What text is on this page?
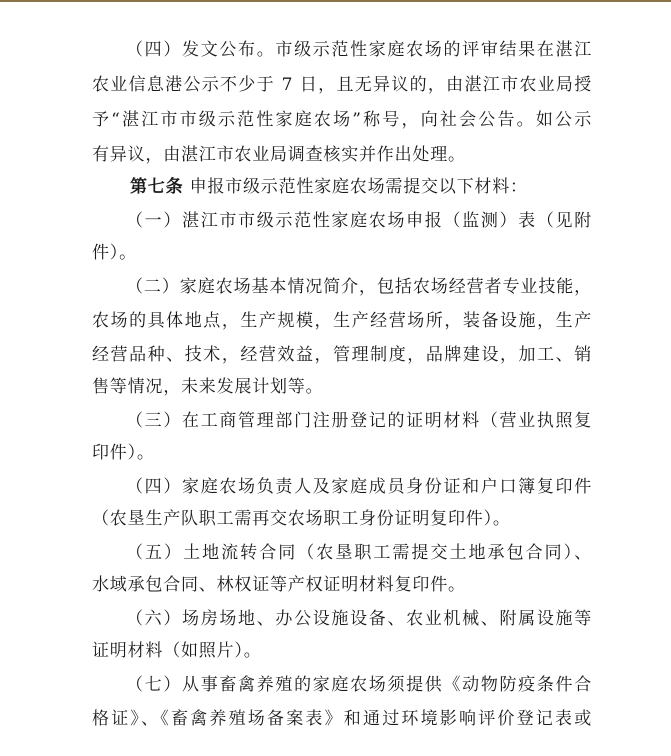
（四）发文公布。市级示范性家庭农场的评审结果在湛江
农业信息港公示不少于 7 日，且无异议的，由湛江市农业局授
予“湛江市市级示范性家庭农场”称号，向社会公告。如公示
有异议，由湛江市农业局调查核实并作出处理。
第七条 申报市级示范性家庭农场需提交以下材料：
（一）湛江市市级示范性家庭农场申报（监测）表（见附
件）。
（二）家庭农场基本情况简介，包括农场经营者专业技能，
农场的具体地点，生产规模，生产经营场所，装备设施，生产
经营品种、技术，经营效益，管理制度，品牌建设，加工、销
售等情况，未来发展计划等。
（三）在工商管理部门注册登记的证明材料（营业执照复
印件）。
（四）家庭农场负责人及家庭成员身份证和户口簿复印件
（农垦生产队职工需再交农场职工身份证明复印件）。
（五）土地流转合同（农垦职工需提交土地承包合同）、
水域承包合同、林权证等产权证明材料复印件。
（六）场房场地、办公设施设备、农业机械、附属设施等
证明材料（如照片）。
（七）从事畜禽养殖的家庭农场须提供《动物防疫条件合
格证》、《畜禽养殖场备案表》和通过环境影响评价登记表或
